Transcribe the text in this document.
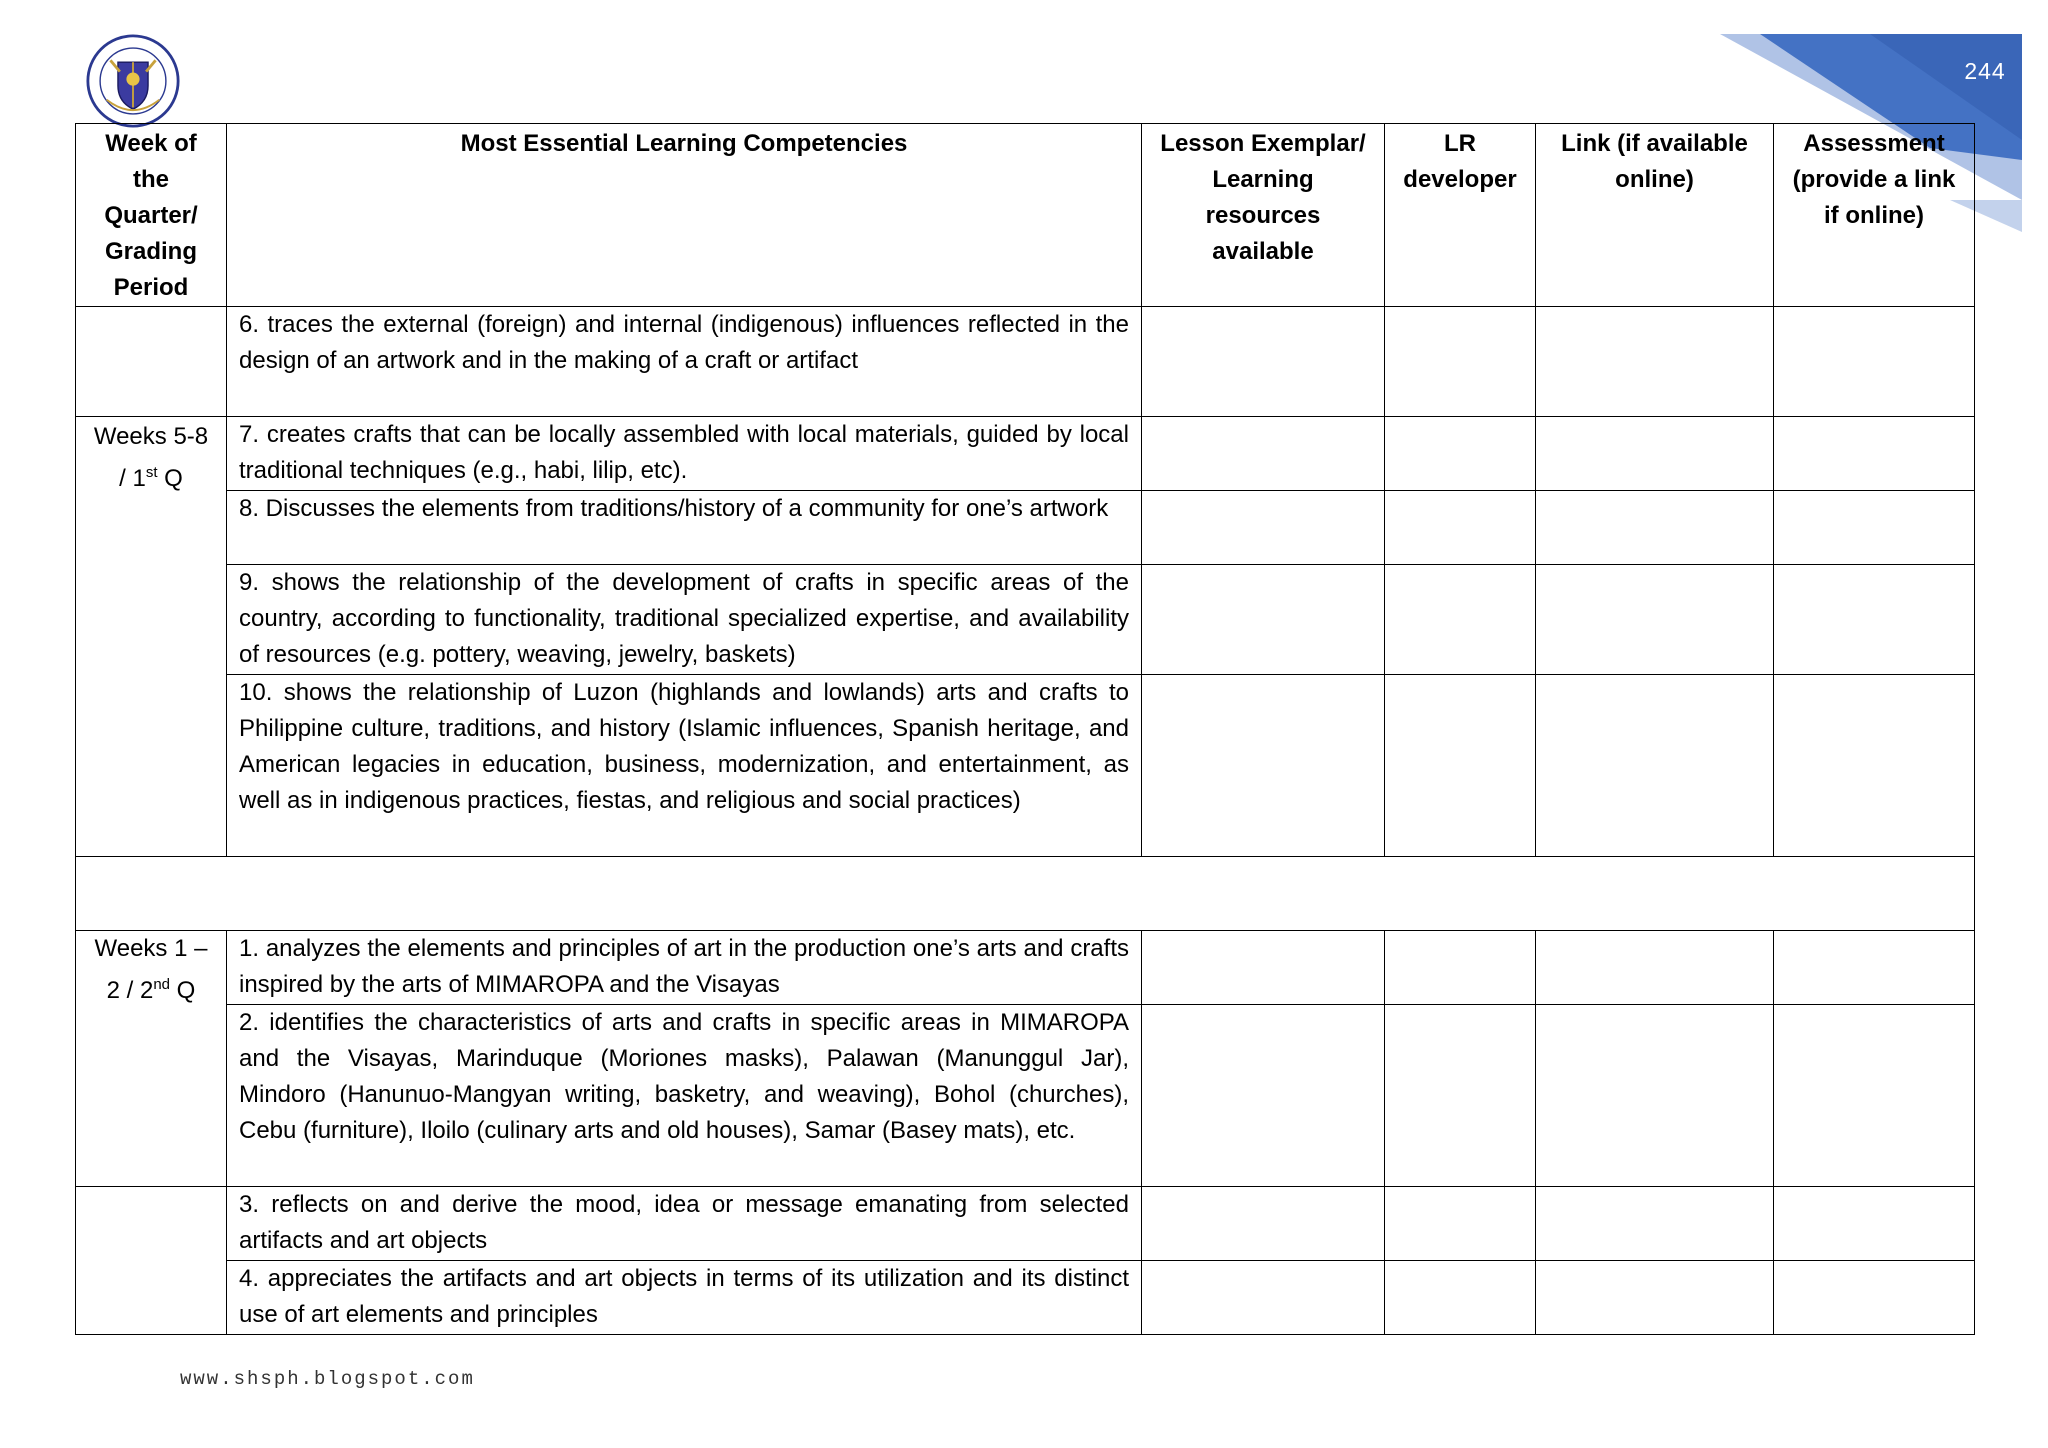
244
Week of the Quarter/ Grading Period	Most Essential Learning Competencies	Lesson Exemplar/ Learning resources available	LR developer	Link (if available online)	Assessment (provide a link if online)
	6. traces the external (foreign) and internal (indigenous) influences reflected in the design of an artwork and in the making of a craft or artifact				
Weeks 5-8 / 1st Q	7. creates crafts that can be locally assembled with local materials, guided by local traditional techniques (e.g., habi, lilip, etc).				
	8. Discusses the elements from traditions/history of a community for one’s artwork				
	9. shows the relationship of the development of crafts in specific areas of the country, according to functionality, traditional specialized expertise, and availability of resources (e.g. pottery, weaving, jewelry, baskets)				
	10. shows the relationship of Luzon (highlands and lowlands) arts and crafts to Philippine culture, traditions, and history (Islamic influences, Spanish heritage, and American legacies in education, business, modernization, and entertainment, as well as in indigenous practices, fiestas, and religious and social practices)				

Weeks 1 – 2 / 2nd Q	1. analyzes the elements and principles of art in the production one’s arts and crafts inspired by the arts of MIMAROPA and the Visayas				
	2. identifies the characteristics of arts and crafts in specific areas in MIMAROPA and the Visayas, Marinduque (Moriones masks), Palawan (Manunggul Jar), Mindoro (Hanunuo-Mangyan writing, basketry, and weaving), Bohol (churches), Cebu (furniture), Iloilo (culinary arts and old houses), Samar (Basey mats), etc.				
	3. reflects on and derive the mood, idea or message emanating from selected artifacts and art objects				
	4. appreciates the artifacts and art objects in terms of its utilization and its distinct use of art elements and principles				
www.shsph.blogspot.com
